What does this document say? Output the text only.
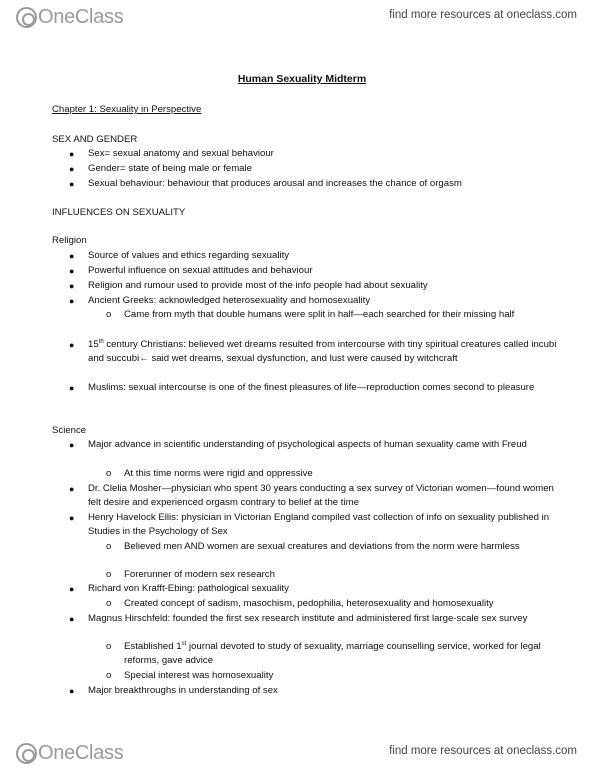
OneClass	find more resources at oneclass.com
Human Sexuality Midterm
Chapter 1: Sexuality in Perspective
SEX AND GENDER
● Sex= sexual anatomy and sexual behaviour
● Gender= state of being male or female
● Sexual behaviour: behaviour that produces arousal and increases the chance of orgasm
INFLUENCES ON SEXUALITY
Religion
● Source of values and ethics regarding sexuality
● Powerful influence on sexual attitudes and behaviour
● Religion and rumour used to provide most of the info people had about sexuality
● Ancient Greeks: acknowledged heterosexuality and homosexuality
o Came from myth that double humans were split in half—each searched for their missing half
● 15th century Christians: believed wet dreams resulted from intercourse with tiny spiritual creatures called incubi and succubi← said wet dreams, sexual dysfunction, and lust were caused by witchcraft
● Muslims: sexual intercourse is one of the finest pleasures of life—reproduction comes second to pleasure
Science
● Major advance in scientific understanding of psychological aspects of human sexuality came with Freud
o At this time norms were rigid and oppressive
● Dr. Clelia Mosher—physician who spent 30 years conducting a sex survey of Victorian women—found women felt desire and experienced orgasm contrary to belief at the time
● Henry Havelock Ellis: physician in Victorian England compiled vast collection of info on sexuality published in Studies in the Psychology of Sex
o Believed men AND women are sexual creatures and deviations from the norm were harmless
o Forerunner of modern sex research
● Richard von Krafft-Ebing: pathological sexuality
o Created concept of sadism, masochism, pedophilia, heterosexuality and homosexuality
● Magnus Hirschfeld: founded the first sex research institute and administered first large-scale sex survey
o Established 1st journal devoted to study of sexuality, marriage counselling service, worked for legal reforms, gave advice
o Special interest was homosexuality
● Major breakthroughs in understanding of sex
OneClass	find more resources at oneclass.com
